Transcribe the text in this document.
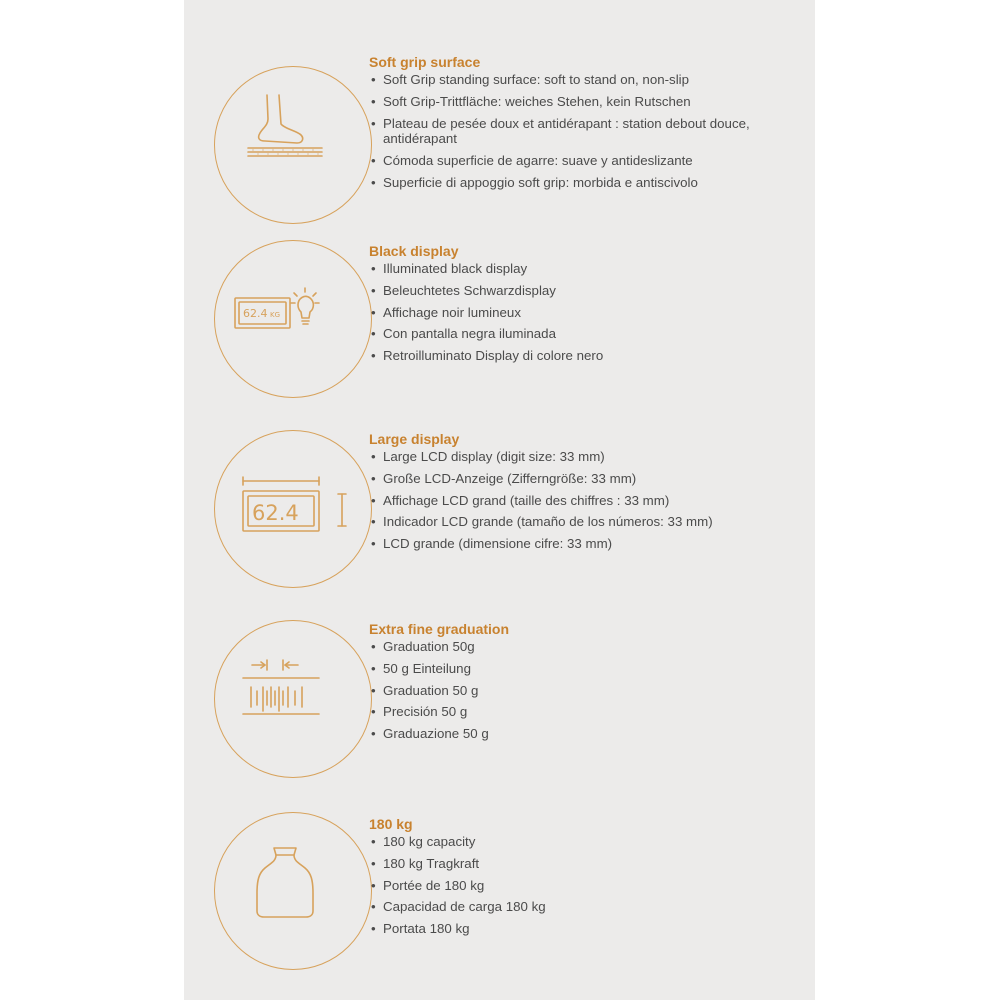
Soft grip surface
• Soft Grip standing surface: soft to stand on, non-slip
• Soft Grip-Trittfläche: weiches Stehen, kein Rutschen
• Plateau de pesée doux et antidérapant : station debout douce, antidérapant
• Cómoda superficie de agarre: suave y antideslizante
• Superficie di appoggio soft grip: morbida e antiscivolo
62.4 KG
Black display
• Illuminated black display
• Beleuchtetes Schwarzdisplay
• Affichage noir lumineux
• Con pantalla negra iluminada
• Retroilluminato Display di colore nero
62.4
Large display
• Large LCD display (digit size: 33 mm)
• Große LCD-Anzeige (Ziffe​rngröße: 33 mm)
• Affichage LCD grand (taille des chiffres : 33 mm)
• Indicador LCD grande (tamaño de los números: 33 mm)
• LCD grande (dimensione cifre: 33 mm)
Extra fine graduation
• Graduation 50g
• 50 g Einteilung
• Graduation 50 g
• Precisión 50 g
• Graduazione 50 g
180 kg
• 180 kg capacity
• 180 kg Tragkraft
• Portée de 180 kg
• Capacidad de carga 180 kg
• Portata 180 kg
